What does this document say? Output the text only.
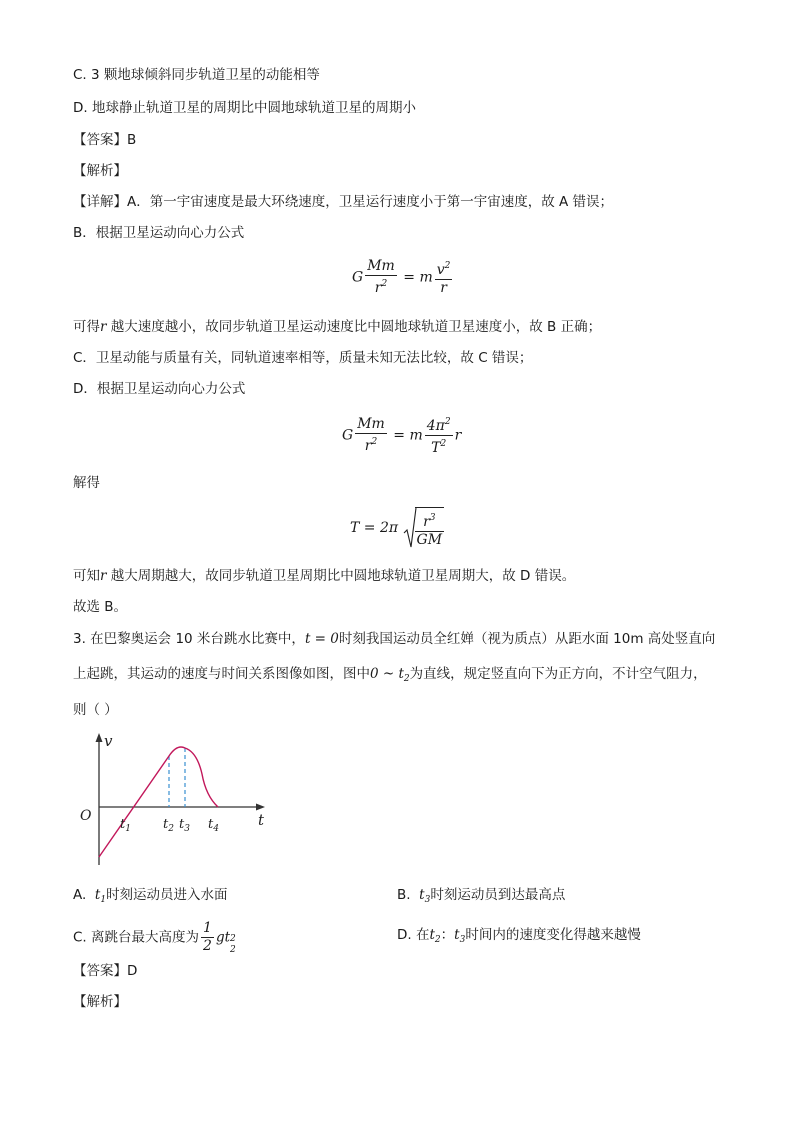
C. 3 颗地球倾斜同步轨道卫星的动能相等
D. 地球静止轨道卫星的周期比中圆地球轨道卫星的周期小
【答案】B
【解析】
【详解】A．第一宇宙速度是最大环绕速度，卫星运行速度小于第一宇宙速度，故 A 错误；
B．根据卫星运动向心力公式
G $\frac{Mm}{r^2} = m \frac{v^2}{r}$
可得r 越大速度越小，故同步轨道卫星运动速度比中圆地球轨道卫星速度小，故 B 正确；
C．卫星动能与质量有关，同轨道速率相等，质量未知无法比较，故 C 错误；
D．根据卫星运动向心力公式
G $\frac{Mm}{r^2} = m \frac{4\pi^2}{T^2}$ r
解得
$T = 2\pi \frac{r^3}{GM}$
可知r 越大周期越大，故同步轨道卫星周期比中圆地球轨道卫星周期大，故 D 错误。
故选 B。
3. 在巴黎奥运会 10 米台跳水比赛中，t = 0时刻我国运动员全红婵（视为质点）从距水面 10m 高处竖直向
上起跳，其运动的速度与时间关系图像如图，图中0 ~ $t_2$为直线，规定竖直向下为正方向，不计空气阻力，
则（ ）
v
t
O
$t_1$ $t_2$ $t_3$ $t_4$
A. $t_1$时刻运动员进入水面	B. $t_3$时刻运动员到达最高点
C. 离跳台最大高度为 $\frac{1}{2}$ gt 2
2
D. 在$t_2$：$t_3$时间内的速度变化得越来越慢
【答案】D
【解析】
